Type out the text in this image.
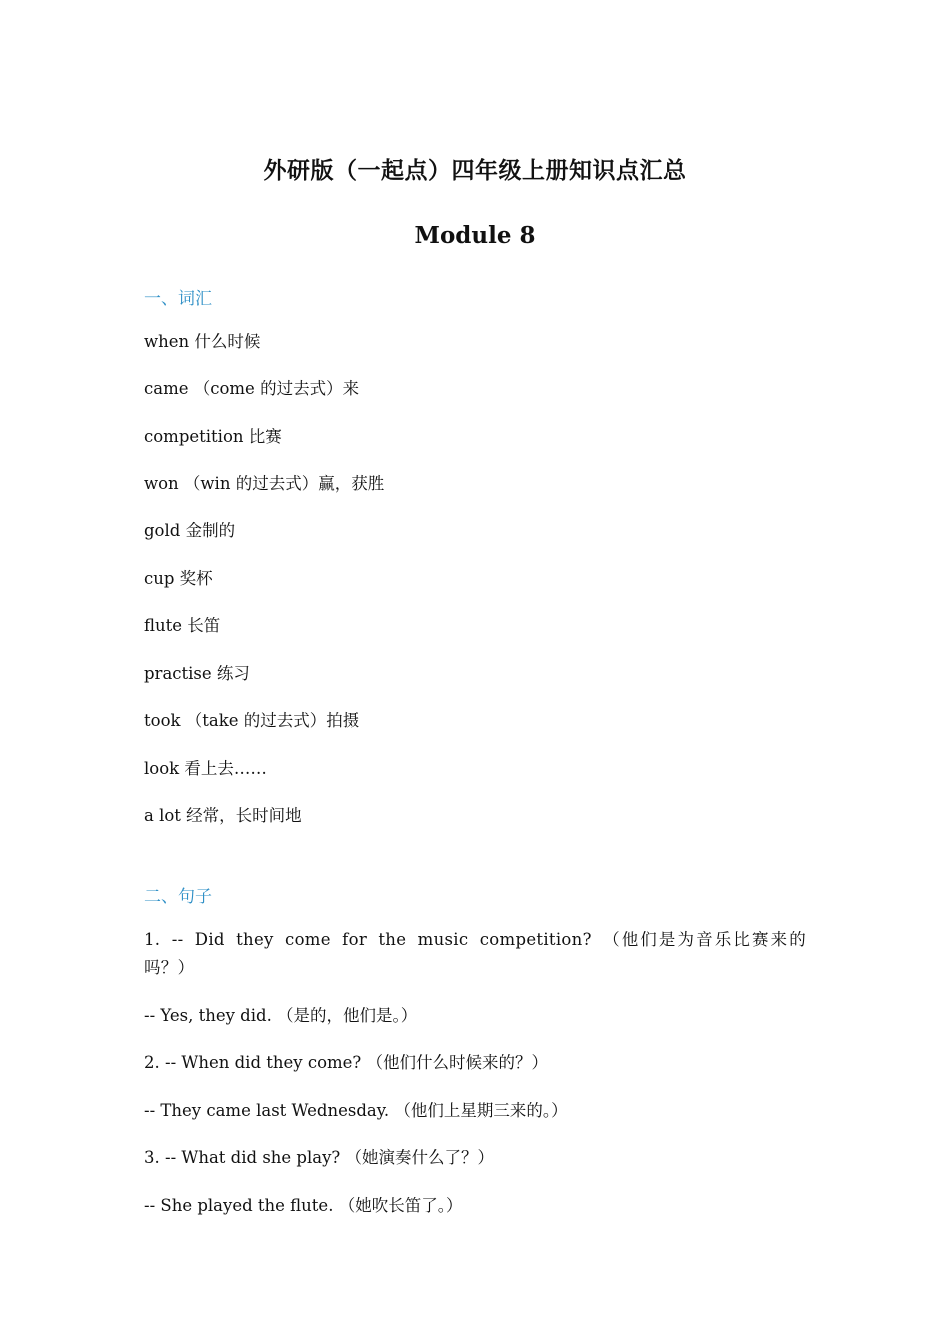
外研版（一起点）四年级上册知识点汇总
Module 8
一、词汇
when 什么时候
came （come 的过去式）来
competition 比赛
won （win 的过去式）赢，获胜
gold 金制的
cup 奖杯
flute 长笛
practise 练习
took （take 的过去式）拍摄
look 看上去……
a lot 经常，长时间地
二、句子
1. -- Did they come for the music competition? （他们是为音乐比赛来的吗？）
-- Yes, they did. （是的，他们是。）
2. -- When did they come? （他们什么时候来的？）
-- They came last Wednesday. （他们上星期三来的。）
3. -- What did she play? （她演奏什么了？）
-- She played the flute. （她吹长笛了。）
